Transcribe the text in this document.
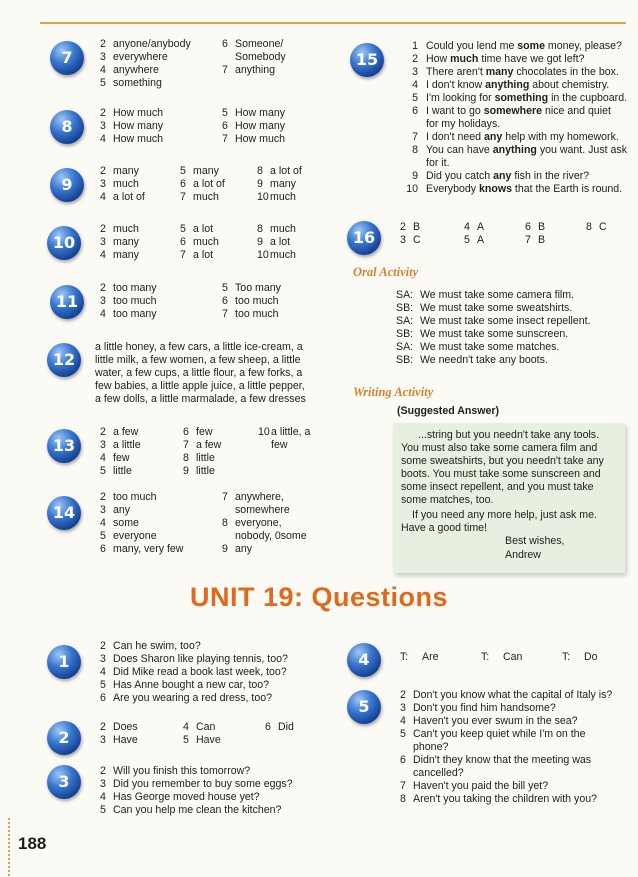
7
2 anyone/anybody
3 everywhere
4 anywhere
5 something
6 Someone/
Somebody
7 anything
8
2 How much
3 How many
4 How much
5 How many
6 How many
7 How much
9
2 many
3 much
4 a lot of
5 many
6 a lot of
7 much
8 a lot of
9 many
10 much
10
2 much
3 many
4 many
5 a lot
6 much
7 a lot
8 much
9 a lot
10 much
11
2 too many
3 too much
4 too many
5 Too many
6 too much
7 too much
12
a little honey, a few cars, a little ice-cream, a
little milk, a few women, a few sheep, a little
water, a few cups, a little flour, a few forks, a
few babies, a little apple juice, a little pepper,
a few dolls, a little marmalade, a few dresses
13
2 a few
3 a little
4 few
5 little
6 few
7 a few
8 little
9 little
10 a little, a
few
14
2 too much
3 any
4 some
5 everyone
6 many, very few
7 anywhere,
somewhere
8 everyone,
nobody, 0some
9 any
15
1 Could you lend me some money, please?
2 How much time have we got left?
3 There aren't many chocolates in the box.
4 I don't know anything about chemistry.
5 I'm looking for something in the cupboard.
6 I want to go somewhere nice and quiet
for my holidays.
7 I don't need any help with my homework.
8 You can have anything you want. Just ask
for it.
9 Did you catch any fish in the river?
10 Everybody knows that the Earth is round.
16
2 B
3 C
4 A
5 A
6 B
7 B
8 C
Oral Activity
SA: We must take some camera film.
SB: We must take some sweatshirts.
SA: We must take some insect repellent.
SB: We must take some sunscreen.
SA: We must take some matches.
SB: We needn't take any boots.
Writing Activity
(Suggested Answer)
...string but you needn't take any tools.
You must also take some camera film and
some sweatshirts, but you needn't take any
boots. You must take some sunscreen and
some insect repellent, and you must take
some matches, too.
If you need any more help, just ask me.
Have a good time!
Best wishes,
Andrew
UNIT 19: Questions
1
2 Can he swim, too?
3 Does Sharon like playing tennis, too?
4 Did Mike read a book last week, too?
5 Has Anne bought a new car, too?
6 Are you wearing a red dress, too?
2
2 Does
3 Have
4 Can
5 Have
6 Did
3
2 Will you finish this tomorrow?
3 Did you remember to buy some eggs?
4 Has George moved house yet?
5 Can you help me clean the kitchen?
4	T:	Are	T:	Can	T:	Do
5
2 Don't you know what the capital of Italy is?
3 Don't you find him handsome?
4 Haven't you ever swum in the sea?
5 Can't you keep quiet while I'm on the
phone?
6 Didn't they know that the meeting was
cancelled?
7 Haven't you paid the bill yet?
8 Aren't you taking the children with you?
188
